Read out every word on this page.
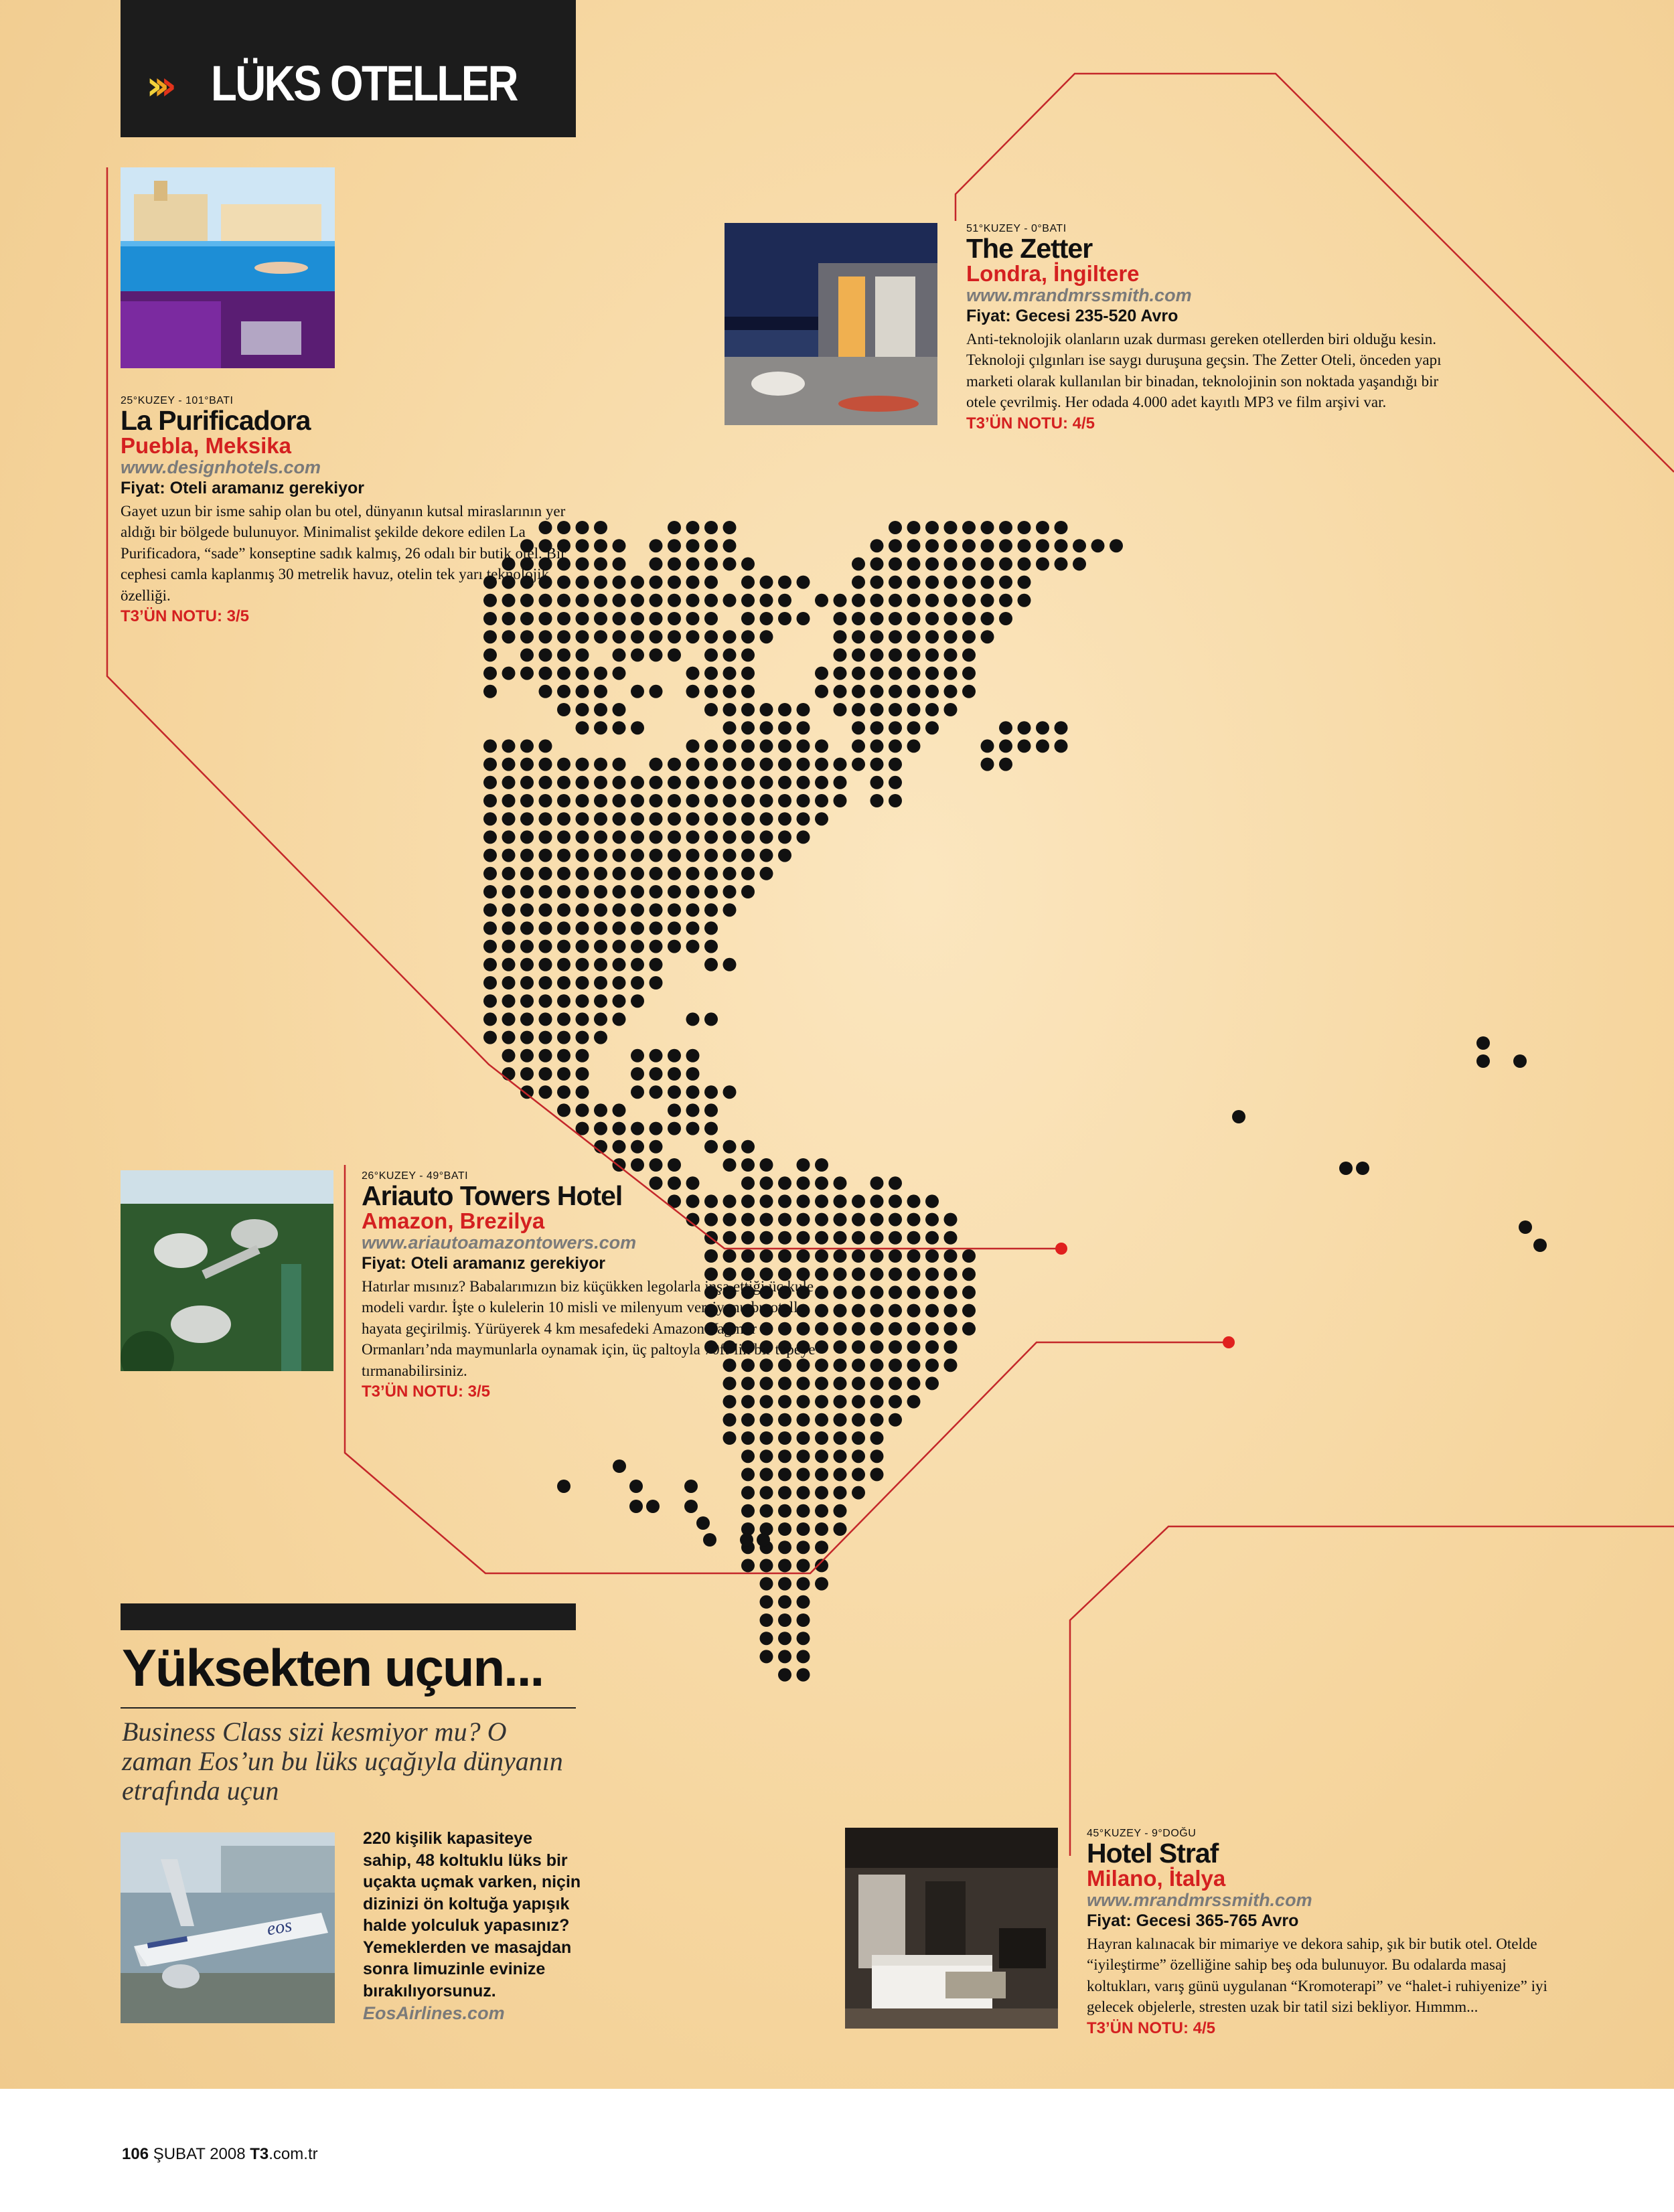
››› LÜKS OTELLER
25°KUZEY - 101°BATI
La Purificadora
Puebla, Meksika
www.designhotels.com
Fiyat: Oteli aramanız gerekiyor
Gayet uzun bir isme sahip olan bu otel, dünyanın kutsal miraslarının yer aldığı bir bölgede bulunuyor. Minimalist şekilde dekore edilen La Purificadora, “sade” konseptine sadık kalmış, 26 odalı bir butik otel. Bir cephesi camla kaplanmış 30 metrelik havuz, otelin tek yarı teknolojik özelliği.
T3’ÜN NOTU: 3/5
51°KUZEY - 0°BATI
The Zetter
Londra, İngiltere
www.mrandmrssmith.com
Fiyat: Gecesi 235-520 Avro
Anti-teknolojik olanların uzak durması gereken otellerden biri olduğu kesin. Teknoloji çılgınları ise saygı duruşuna geçsin. The Zetter Oteli, önceden yapı marketi olarak kullanılan bir binadan, teknolojinin son noktada yaşandığı bir otele çevrilmiş. Her odada 4.000 adet kayıtlı MP3 ve film arşivi var.
T3’ÜN NOTU: 4/5
26°KUZEY - 49°BATI
Ariauto Towers Hotel
Amazon, Brezilya
www.ariautoamazontowers.com
Fiyat: Oteli aramanız gerekiyor
Hatırlar mısınız? Babalarımızın biz küçükken legolarla inşa ettiği üç kule modeli vardır. İşte o kulelerin 10 misli ve milenyum versiyonu bu otelle hayata geçirilmiş. Yürüyerek 4 km mesafedeki Amazon Yağmur Ormanları’nda maymunlarla oynamak için, üç paltoyla 70ft’lik bir tepeye tırmanabilirsiniz.
T3’ÜN NOTU: 3/5
45°KUZEY - 9°DOĞU
Hotel Straf
Milano, İtalya
www.mrandmrssmith.com
Fiyat: Gecesi 365-765 Avro
Hayran kalınacak bir mimariye ve dekora sahip, şık bir butik otel. Otelde “iyileştirme” özelliğine sahip beş oda bulunuyor. Bu odalarda masaj koltukları, varış günü uygulanan “Kromoterapi” ve “halet-i ruhiyenize” iyi gelecek objelerle, stresten uzak bir tatil sizi bekliyor. Hımmm...
T3’ÜN NOTU: 4/5
Yüksekten uçun...
Business Class sizi kesmiyor mu? O zaman Eos’un bu lüks uçağıyla dünyanın etrafında uçun
eos
220 kişilik kapasiteye sahip, 48 koltuklu lüks bir uçakta uçmak varken, niçin dizinizi ön koltuğa yapışık halde yolculuk yapasınız? Yemeklerden ve masajdan sonra limuzinle evinize bırakılıyorsunuz.
EosAirlines.com
106 ŞUBAT 2008 T3.com.tr
